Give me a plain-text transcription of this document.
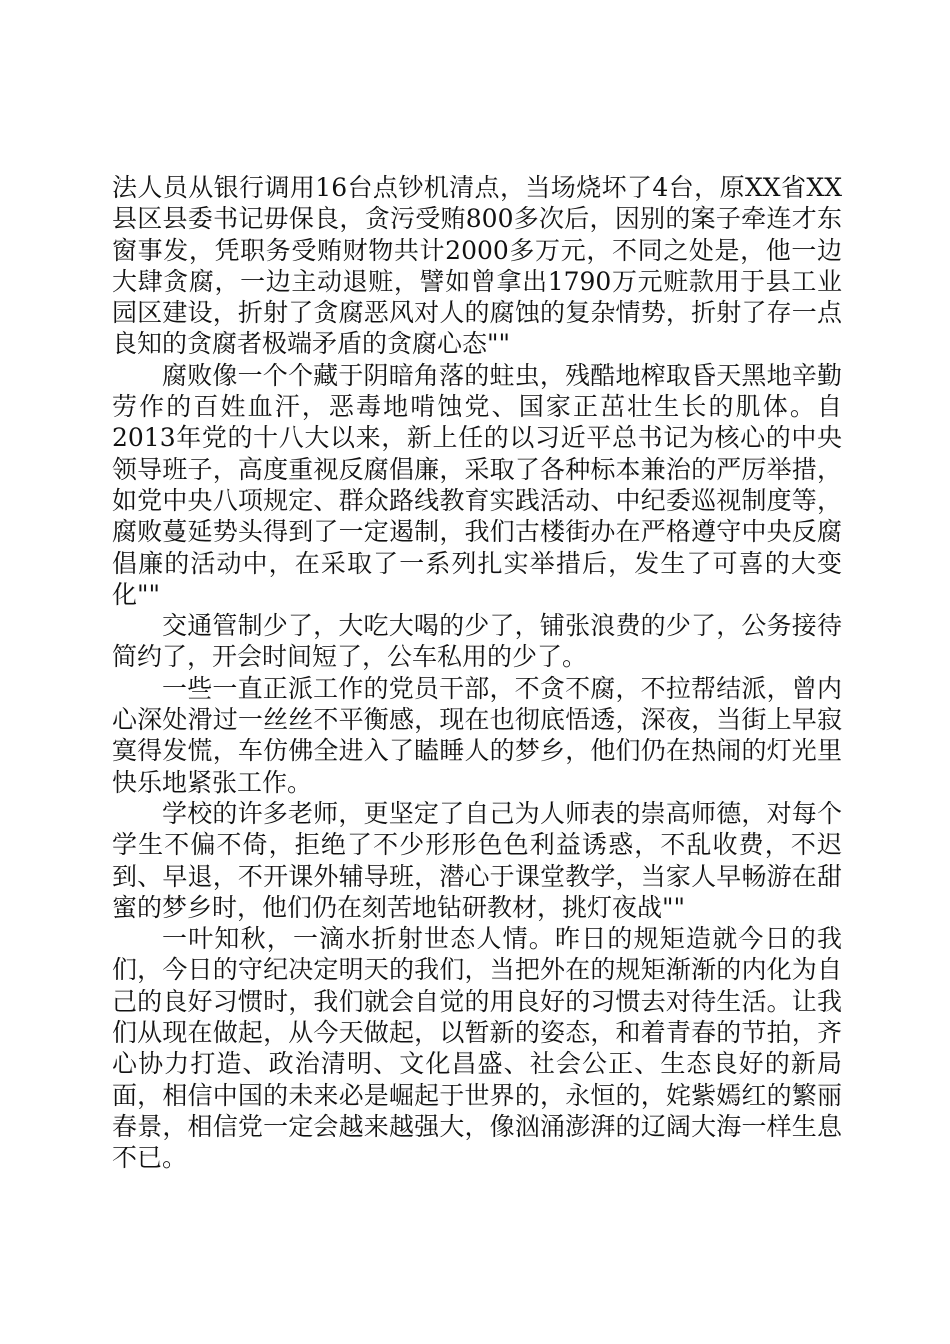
法人员从银行调用16台点钞机清点，当场烧坏了4台，原XX省XX县区县委书记毋保良，贪污受贿800多次后，因别的案子牵连才东窗事发，凭职务受贿财物共计2000多万元，不同之处是，他一边大肆贪腐，一边主动退赃，譬如曾拿出1790万元赃款用于县工业园区建设，折射了贪腐恶风对人的腐蚀的复杂情势，折射了存一点良知的贪腐者极端矛盾的贪腐心态""

腐败像一个个藏于阴暗角落的蛀虫，残酷地榨取昏天黑地辛勤劳作的百姓血汗，恶毒地啃蚀党、国家正茁壮生长的肌体。自2013年党的十八大以来，新上任的以习近平总书记为核心的中央领导班子，高度重视反腐倡廉，采取了各种标本兼治的严厉举措，如党中央八项规定、群众路线教育实践活动、中纪委巡视制度等，腐败蔓延势头得到了一定遏制，我们古楼街办在严格遵守中央反腐倡廉的活动中，在采取了一系列扎实举措后，发生了可喜的大变化""

交通管制少了，大吃大喝的少了，铺张浪费的少了，公务接待简约了，开会时间短了，公车私用的少了。

一些一直正派工作的党员干部，不贪不腐，不拉帮结派，曾内心深处滑过一丝丝不平衡感，现在也彻底悟透，深夜，当街上早寂寞得发慌，车仿佛全进入了瞌睡人的梦乡，他们仍在热闹的灯光里快乐地紧张工作。

学校的许多老师，更坚定了自己为人师表的崇高师德，对每个学生不偏不倚，拒绝了不少形形色色利益诱惑，不乱收费，不迟到、早退，不开课外辅导班，潜心于课堂教学，当家人早畅游在甜蜜的梦乡时，他们仍在刻苦地钻研教材，挑灯夜战""

一叶知秋，一滴水折射世态人情。昨日的规矩造就今日的我们，今日的守纪决定明天的我们，当把外在的规矩渐渐的内化为自己的良好习惯时，我们就会自觉的用良好的习惯去对待生活。让我们从现在做起，从今天做起，以暂新的姿态，和着青春的节拍，齐心协力打造、政治清明、文化昌盛、社会公正、生态良好的新局面，相信中国的未来必是崛起于世界的，永恒的，姹紫嫣红的繁丽春景，相信党一定会越来越强大，像汹涌澎湃的辽阔大海一样生息不已。
